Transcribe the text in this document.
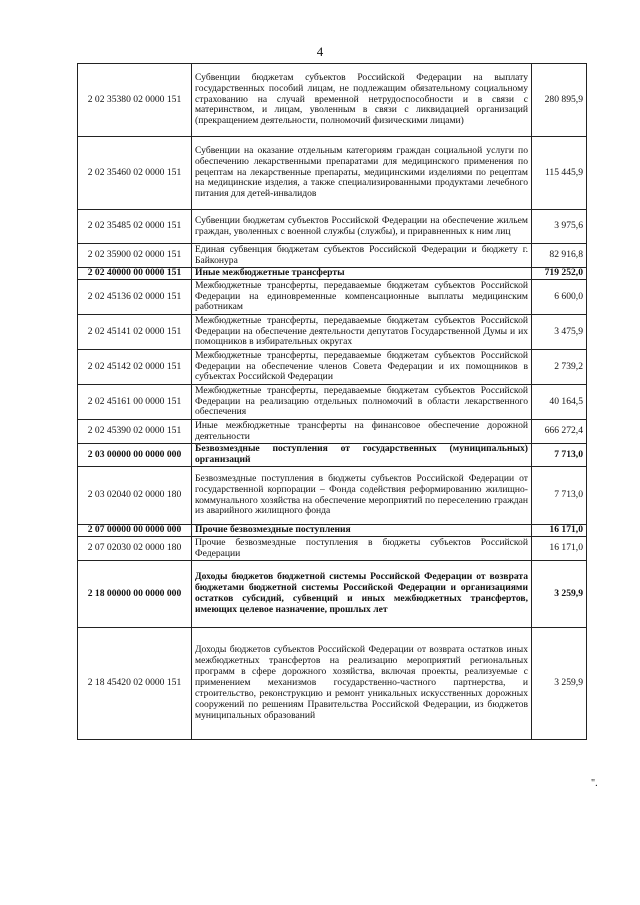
4
2 02 35380 02 0000 151	Субвенции бюджетам субъектов Российской Федерации на выплату государственных пособий лицам, не подлежащим обязательному социальному страхованию на случай временной нетрудоспособности и в связи с материнством, и лицам, уволенным в связи с ликвидацией организаций (прекращением деятельности, полномочий физическими лицами)	280 895,9
2 02 35460 02 0000 151	Субвенции на оказание отдельным категориям граждан социальной услуги по обеспечению лекарственными препаратами для медицинского применения по рецептам на лекарственные препараты, медицинскими изделиями по рецептам на медицинские изделия, а также специализированными продуктами лечебного питания для детей-инвалидов	115 445,9
2 02 35485 02 0000 151	Субвенции бюджетам субъектов Российской Федерации на обеспечение жильем граждан, уволенных с военной службы (службы), и приравненных к ним лиц	3 975,6
2 02 35900 02 0000 151	Единая субвенция бюджетам субъектов Российской Федерации и бюджету г. Байконура	82 916,8
2 02 40000 00 0000 151	Иные межбюджетные трансферты	719 252,0
2 02 45136 02 0000 151	Межбюджетные трансферты, передаваемые бюджетам субъектов Российской Федерации на единовременные компенсационные выплаты медицинским работникам	6 600,0
2 02 45141 02 0000 151	Межбюджетные трансферты, передаваемые бюджетам субъектов Российской Федерации на обеспечение деятельности депутатов Государственной Думы и их помощников в избирательных округах	3 475,9
2 02 45142 02 0000 151	Межбюджетные трансферты, передаваемые бюджетам субъектов Российской Федерации на обеспечение членов Совета Федерации и их помощников в субъектах Российской Федерации	2 739,2
2 02 45161 00 0000 151	Межбюджетные трансферты, передаваемые бюджетам субъектов Российской Федерации на реализацию отдельных полномочий в области лекарственного обеспечения	40 164,5
2 02 45390 02 0000 151	Иные межбюджетные трансферты на финансовое обеспечение дорожной деятельности	666 272,4
2 03 00000 00 0000 000	Безвозмездные поступления от государственных (муниципальных) организаций	7 713,0
2 03 02040 02 0000 180	Безвозмездные поступления в бюджеты субъектов Российской Федерации от государственной корпорации – Фонда содействия реформированию жилищно-коммунального хозяйства на обеспечение мероприятий по переселению граждан из аварийного жилищного фонда	7 713,0
2 07 00000 00 0000 000	Прочие безвозмездные поступления	16 171,0
2 07 02030 02 0000 180	Прочие безвозмездные поступления в бюджеты субъектов Российской Федерации	16 171,0
2 18 00000 00 0000 000	Доходы бюджетов бюджетной системы Российской Федерации от возврата бюджетами бюджетной системы Российской Федерации и организациями остатков субсидий, субвенций и иных межбюджетных трансфертов, имеющих целевое назначение, прошлых лет	3 259,9
2 18 45420 02 0000 151	Доходы бюджетов субъектов Российской Федерации от возврата остатков иных межбюджетных трансфертов на реализацию мероприятий региональных программ в сфере дорожного хозяйства, включая проекты, реализуемые с применением механизмов государственно-частного партнерства, и строительство, реконструкцию и ремонт уникальных искусственных дорожных сооружений по решениям Правительства Российской Федерации, из бюджетов муниципальных образований	3 259,9
".
